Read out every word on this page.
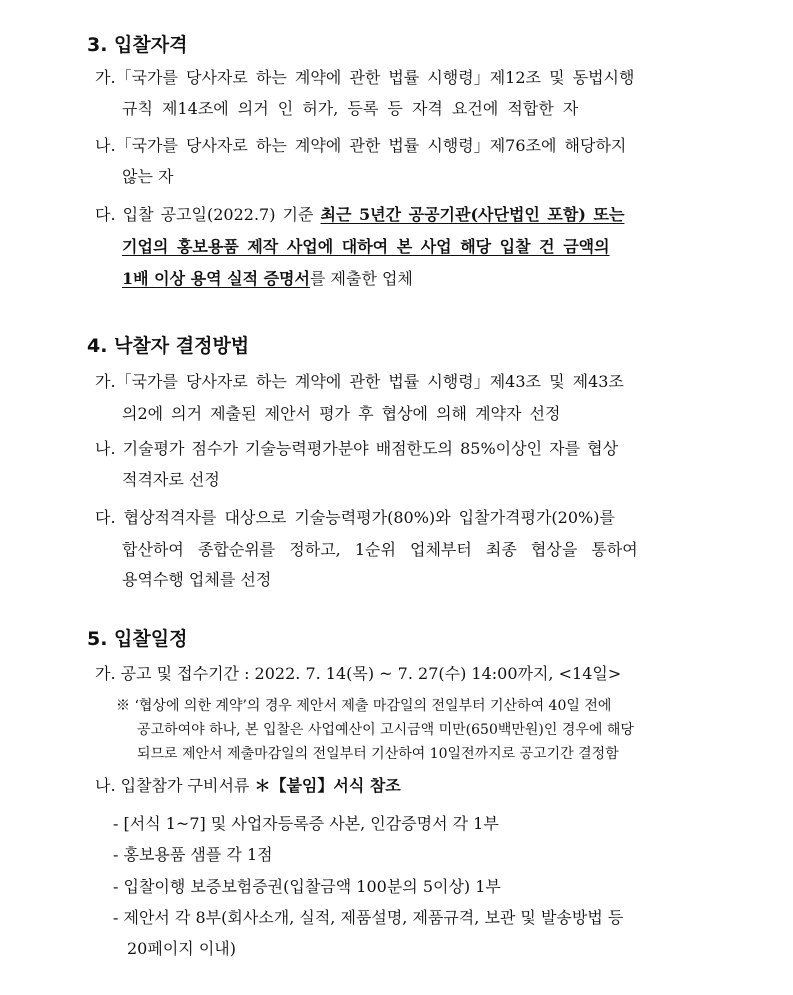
3. 입찰자격
가.「국가를 당사자로 하는 계약에 관한 법률 시행령」제12조 및 동법시행
규칙 제14조에 의거 인 허가, 등록 등 자격 요건에 적합한 자
나.「국가를 당사자로 하는 계약에 관한 법률 시행령」제76조에 해당하지
않는 자
다. 입찰 공고일(2022.7) 기준 최근 5년간 공공기관(사단법인 포함) 또는
기업의 홍보용품 제작 사업에 대하여 본 사업 해당 입찰 건 금액의
1배 이상 용역 실적 증명서를 제출한 업체
4. 낙찰자 결정방법
가.「국가를 당사자로 하는 계약에 관한 법률 시행령」제43조 및 제43조
의2에 의거 제출된 제안서 평가 후 협상에 의해 계약자 선정
나. 기술평가 점수가 기술능력평가분야 배점한도의 85%이상인 자를 협상
적격자로 선정
다. 협상적격자를 대상으로 기술능력평가(80%)와 입찰가격평가(20%)를
합산하여 종합순위를 정하고, 1순위 업체부터 최종 협상을 통하여
용역수행 업체를 선정
5. 입찰일정
가. 공고 및 접수기간 : 2022. 7. 14(목) ~ 7. 27(수) 14:00까지, <14일>
※ ‘협상에 의한 계약’의 경우 제안서 제출 마감일의 전일부터 기산하여 40일 전에
공고하여야 하나, 본 입찰은 사업예산이 고시금액 미만(650백만원)인 경우에 해당
되므로 제안서 제출마감일의 전일부터 기산하여 10일전까지로 공고기간 결정함
나. 입찰참가 구비서류 ＊【붙임】서식 참조
- [서식 1~7] 및 사업자등록증 사본, 인감증명서 각 1부
- 홍보용품 샘플 각 1점
- 입찰이행 보증보험증권(입찰금액 100분의 5이상) 1부
- 제안서 각 8부(회사소개, 실적, 제품설명, 제품규격, 보관 및 발송방법 등
20페이지 이내)
